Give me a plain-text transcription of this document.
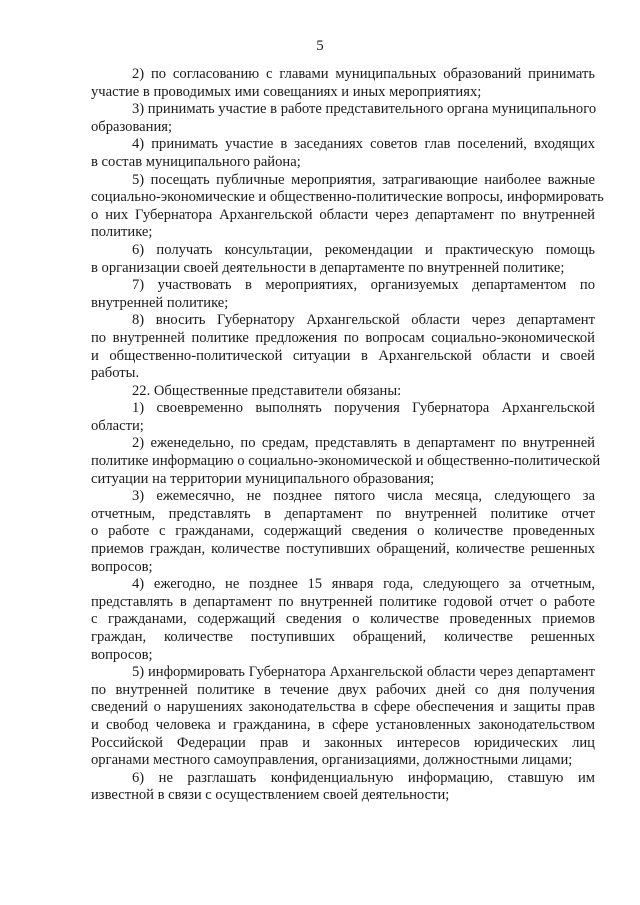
5
2) по согласованию с главами муниципальных образований принимать
участие в проводимых ими совещаниях и иных мероприятиях;
3) принимать участие в работе представительного органа муниципального
образования;
4) принимать участие в заседаниях советов глав поселений, входящих
в состав муниципального района;
5) посещать публичные мероприятия, затрагивающие наиболее важные
социально-экономические и общественно-политические вопросы, информировать
о них Губернатора Архангельской области через департамент по внутренней
политике;
6) получать консультации, рекомендации и практическую помощь
в организации своей деятельности в департаменте по внутренней политике;
7) участвовать в мероприятиях, организуемых департаментом по
внутренней политике;
8) вносить Губернатору Архангельской области через департамент
по внутренней политике предложения по вопросам социально-экономической
и общественно-политической ситуации в Архангельской области и своей
работы.
22. Общественные представители обязаны:
1) своевременно выполнять поручения Губернатора Архангельской
области;
2) еженедельно, по средам, представлять в департамент по внутренней
политике информацию о социально-экономической и общественно-политической
ситуации на территории муниципального образования;
3) ежемесячно, не позднее пятого числа месяца, следующего за
отчетным, представлять в департамент по внутренней политике отчет
о работе с гражданами, содержащий сведения о количестве проведенных
приемов граждан, количестве поступивших обращений, количестве решенных
вопросов;
4) ежегодно, не позднее 15 января года, следующего за отчетным,
представлять в департамент по внутренней политике годовой отчет о работе
с гражданами, содержащий сведения о количестве проведенных приемов
граждан, количестве поступивших обращений, количестве решенных
вопросов;
5) информировать Губернатора Архангельской области через департамент
по внутренней политике в течение двух рабочих дней со дня получения
сведений о нарушениях законодательства в сфере обеспечения и защиты прав
и свобод человека и гражданина, в сфере установленных законодательством
Российской Федерации прав и законных интересов юридических лиц
органами местного самоуправления, организациями, должностными лицами;
6) не разглашать конфиденциальную информацию, ставшую им
известной в связи с осуществлением своей деятельности;
